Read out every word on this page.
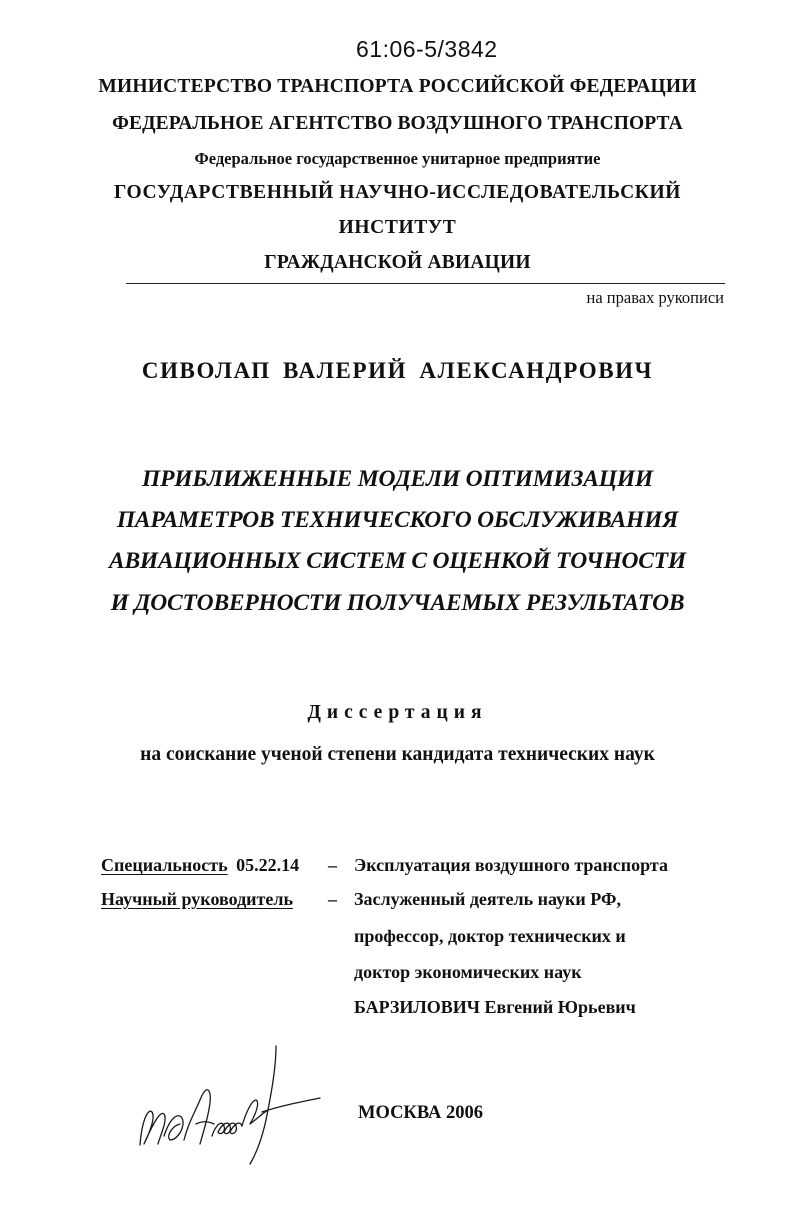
61:06-5/3842
МИНИСТЕРСТВО ТРАНСПОРТА РОССИЙСКОЙ ФЕДЕРАЦИИ
ФЕДЕРАЛЬНОЕ АГЕНТСТВО ВОЗДУШНОГО ТРАНСПОРТА
Федеральное государственное унитарное предприятие
ГОСУДАРСТВЕННЫЙ НАУЧНО-ИССЛЕДОВАТЕЛЬСКИЙ
ИНСТИТУТ
ГРАЖДАНСКОЙ АВИАЦИИ
на правах рукописи
СИВОЛАП ВАЛЕРИЙ АЛЕКСАНДРОВИЧ
ПРИБЛИЖЕННЫЕ МОДЕЛИ ОПТИМИЗАЦИИ
ПАРАМЕТРОВ ТЕХНИЧЕСКОГО ОБСЛУЖИВАНИЯ
АВИАЦИОННЫХ СИСТЕМ С ОЦЕНКОЙ ТОЧНОСТИ
И ДОСТОВЕРНОСТИ ПОЛУЧАЕМЫХ РЕЗУЛЬТАТОВ
Диссертация
на соискание ученой степени кандидата технических наук
Специальность 05.22.14 – Эксплуатация воздушного транспорта
Научный руководитель – Заслуженный деятель науки РФ,
профессор, доктор технических и
доктор экономических наук
БАРЗИЛОВИЧ Евгений Юрьевич
МОСКВА 2006
